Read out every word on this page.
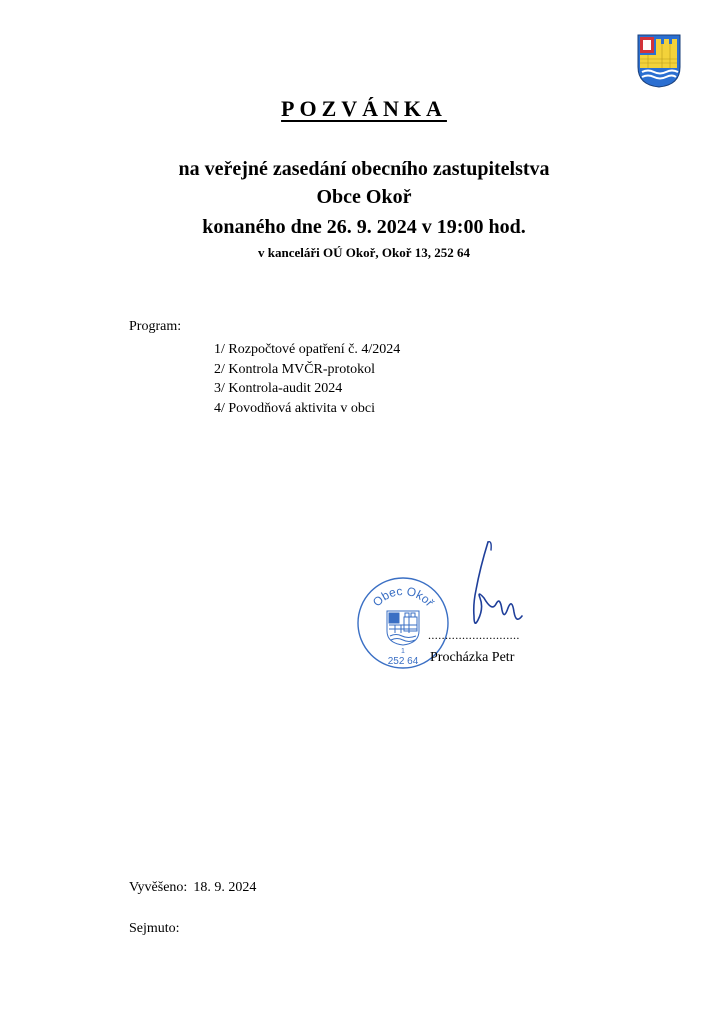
POZVÁNKA
na veřejné zasedání obecního zastupitelstva
Obce Okoř
konaného dne 26. 9. 2024 v 19:00 hod.
v kanceláři OÚ Okoř, Okoř 13, 252 64
Program:
1/ Rozpočtové opatření č. 4/2024
2/ Kontrola MVČR-protokol
3/ Kontrola-audit 2024
4/ Povodňová aktivita v obci
Obec Okoř
1
252 64
...........................
Procházka Petr
Vyvěšeno: 18. 9. 2024
Sejmuto:
